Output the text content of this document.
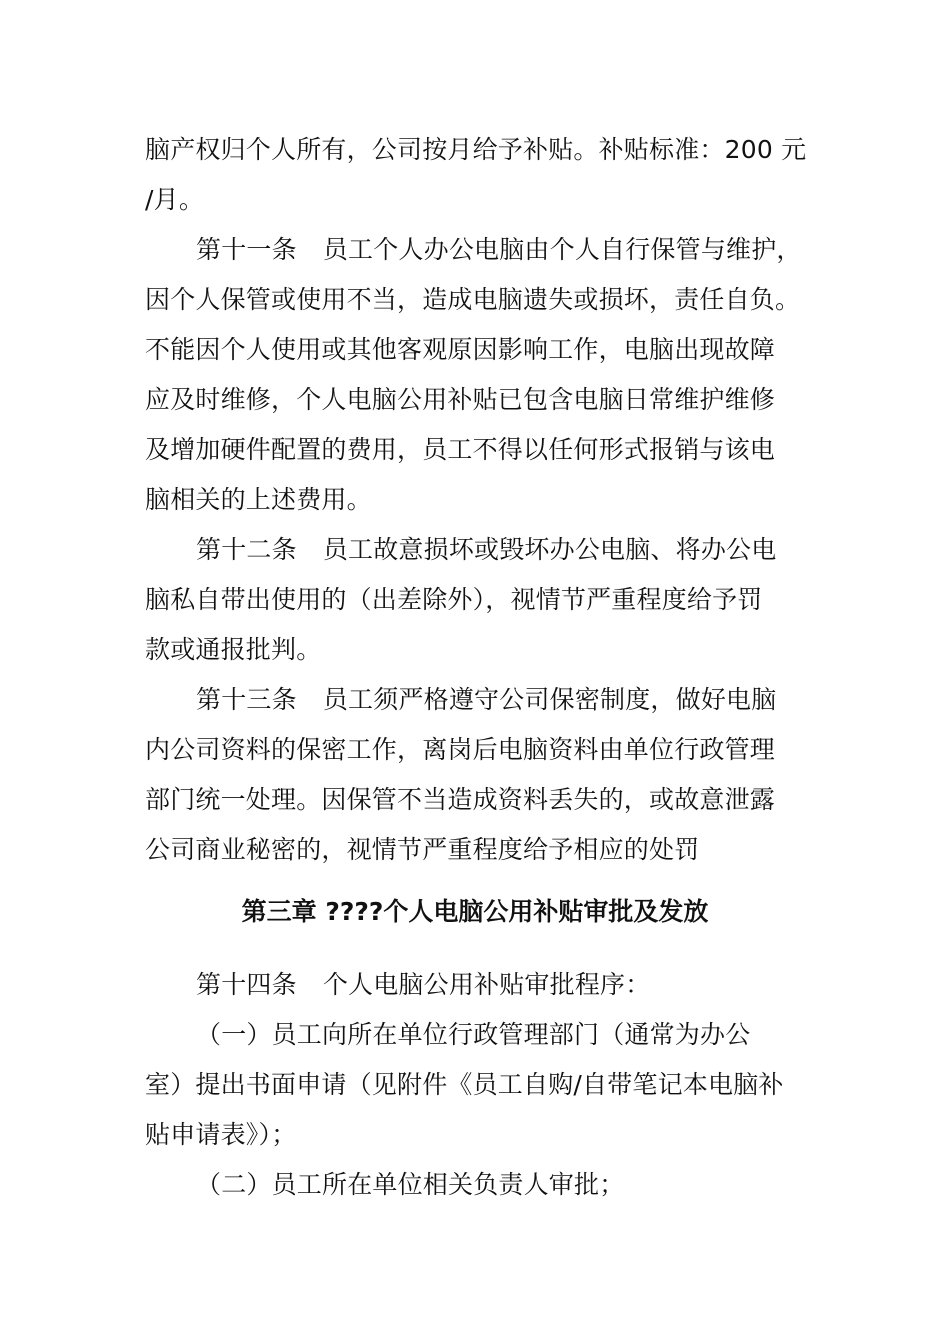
脑产权归个人所有，公司按月给予补贴。补贴标准：200 元
/月。
第十一条 员工个人办公电脑由个人自行保管与维护，
因个人保管或使用不当，造成电脑遗失或损坏，责任自负。
不能因个人使用或其他客观原因影响工作，电脑出现故障
应及时维修，个人电脑公用补贴已包含电脑日常维护维修
及增加硬件配置的费用，员工不得以任何形式报销与该电
脑相关的上述费用。
第十二条 员工故意损坏或毁坏办公电脑、将办公电
脑私自带出使用的（出差除外），视情节严重程度给予罚
款或通报批判。
第十三条 员工须严格遵守公司保密制度，做好电脑
内公司资料的保密工作，离岗后电脑资料由单位行政管理
部门统一处理。因保管不当造成资料丢失的，或故意泄露
公司商业秘密的，视情节严重程度给予相应的处罚
第三章 ????个人电脑公用补贴审批及发放
第十四条 个人电脑公用补贴审批程序：
（一）员工向所在单位行政管理部门（通常为办公
室）提出书面申请（见附件《员工自购/自带笔记本电脑补
贴申请表》）；
（二）员工所在单位相关负责人审批；
